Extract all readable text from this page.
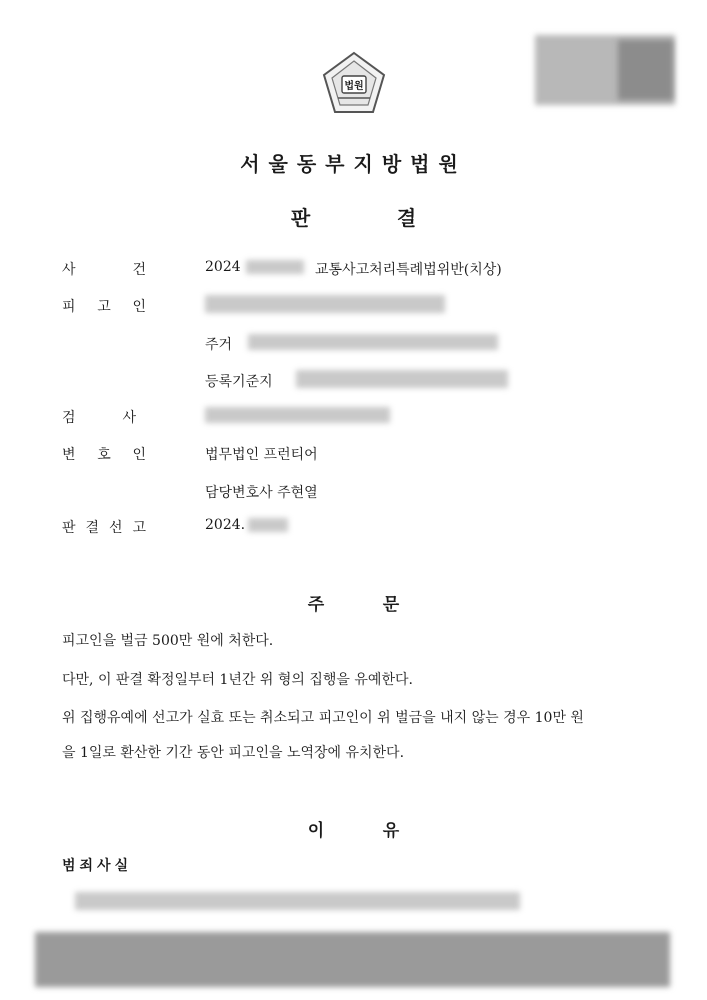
법원
서울동부지방법원
판	결
사	건	2024	교통사고처리특례법위반(치상)
피 고 인
주거
등록기준지
검	사
변 호 인	법무법인 프런티어
담당변호사 주현열
판 결 선 고	2024.
주	문
피고인을 벌금 500만 원에 처한다.
다만, 이 판결 확정일부터 1년간 위 형의 집행을 유예한다.
위 집행유예에 선고가 실효 또는 취소되고 피고인이 위 벌금을 내지 않는 경우 10만 원
을 1일로 환산한 기간 동안 피고인을 노역장에 유치한다.
이	유
범죄사실
